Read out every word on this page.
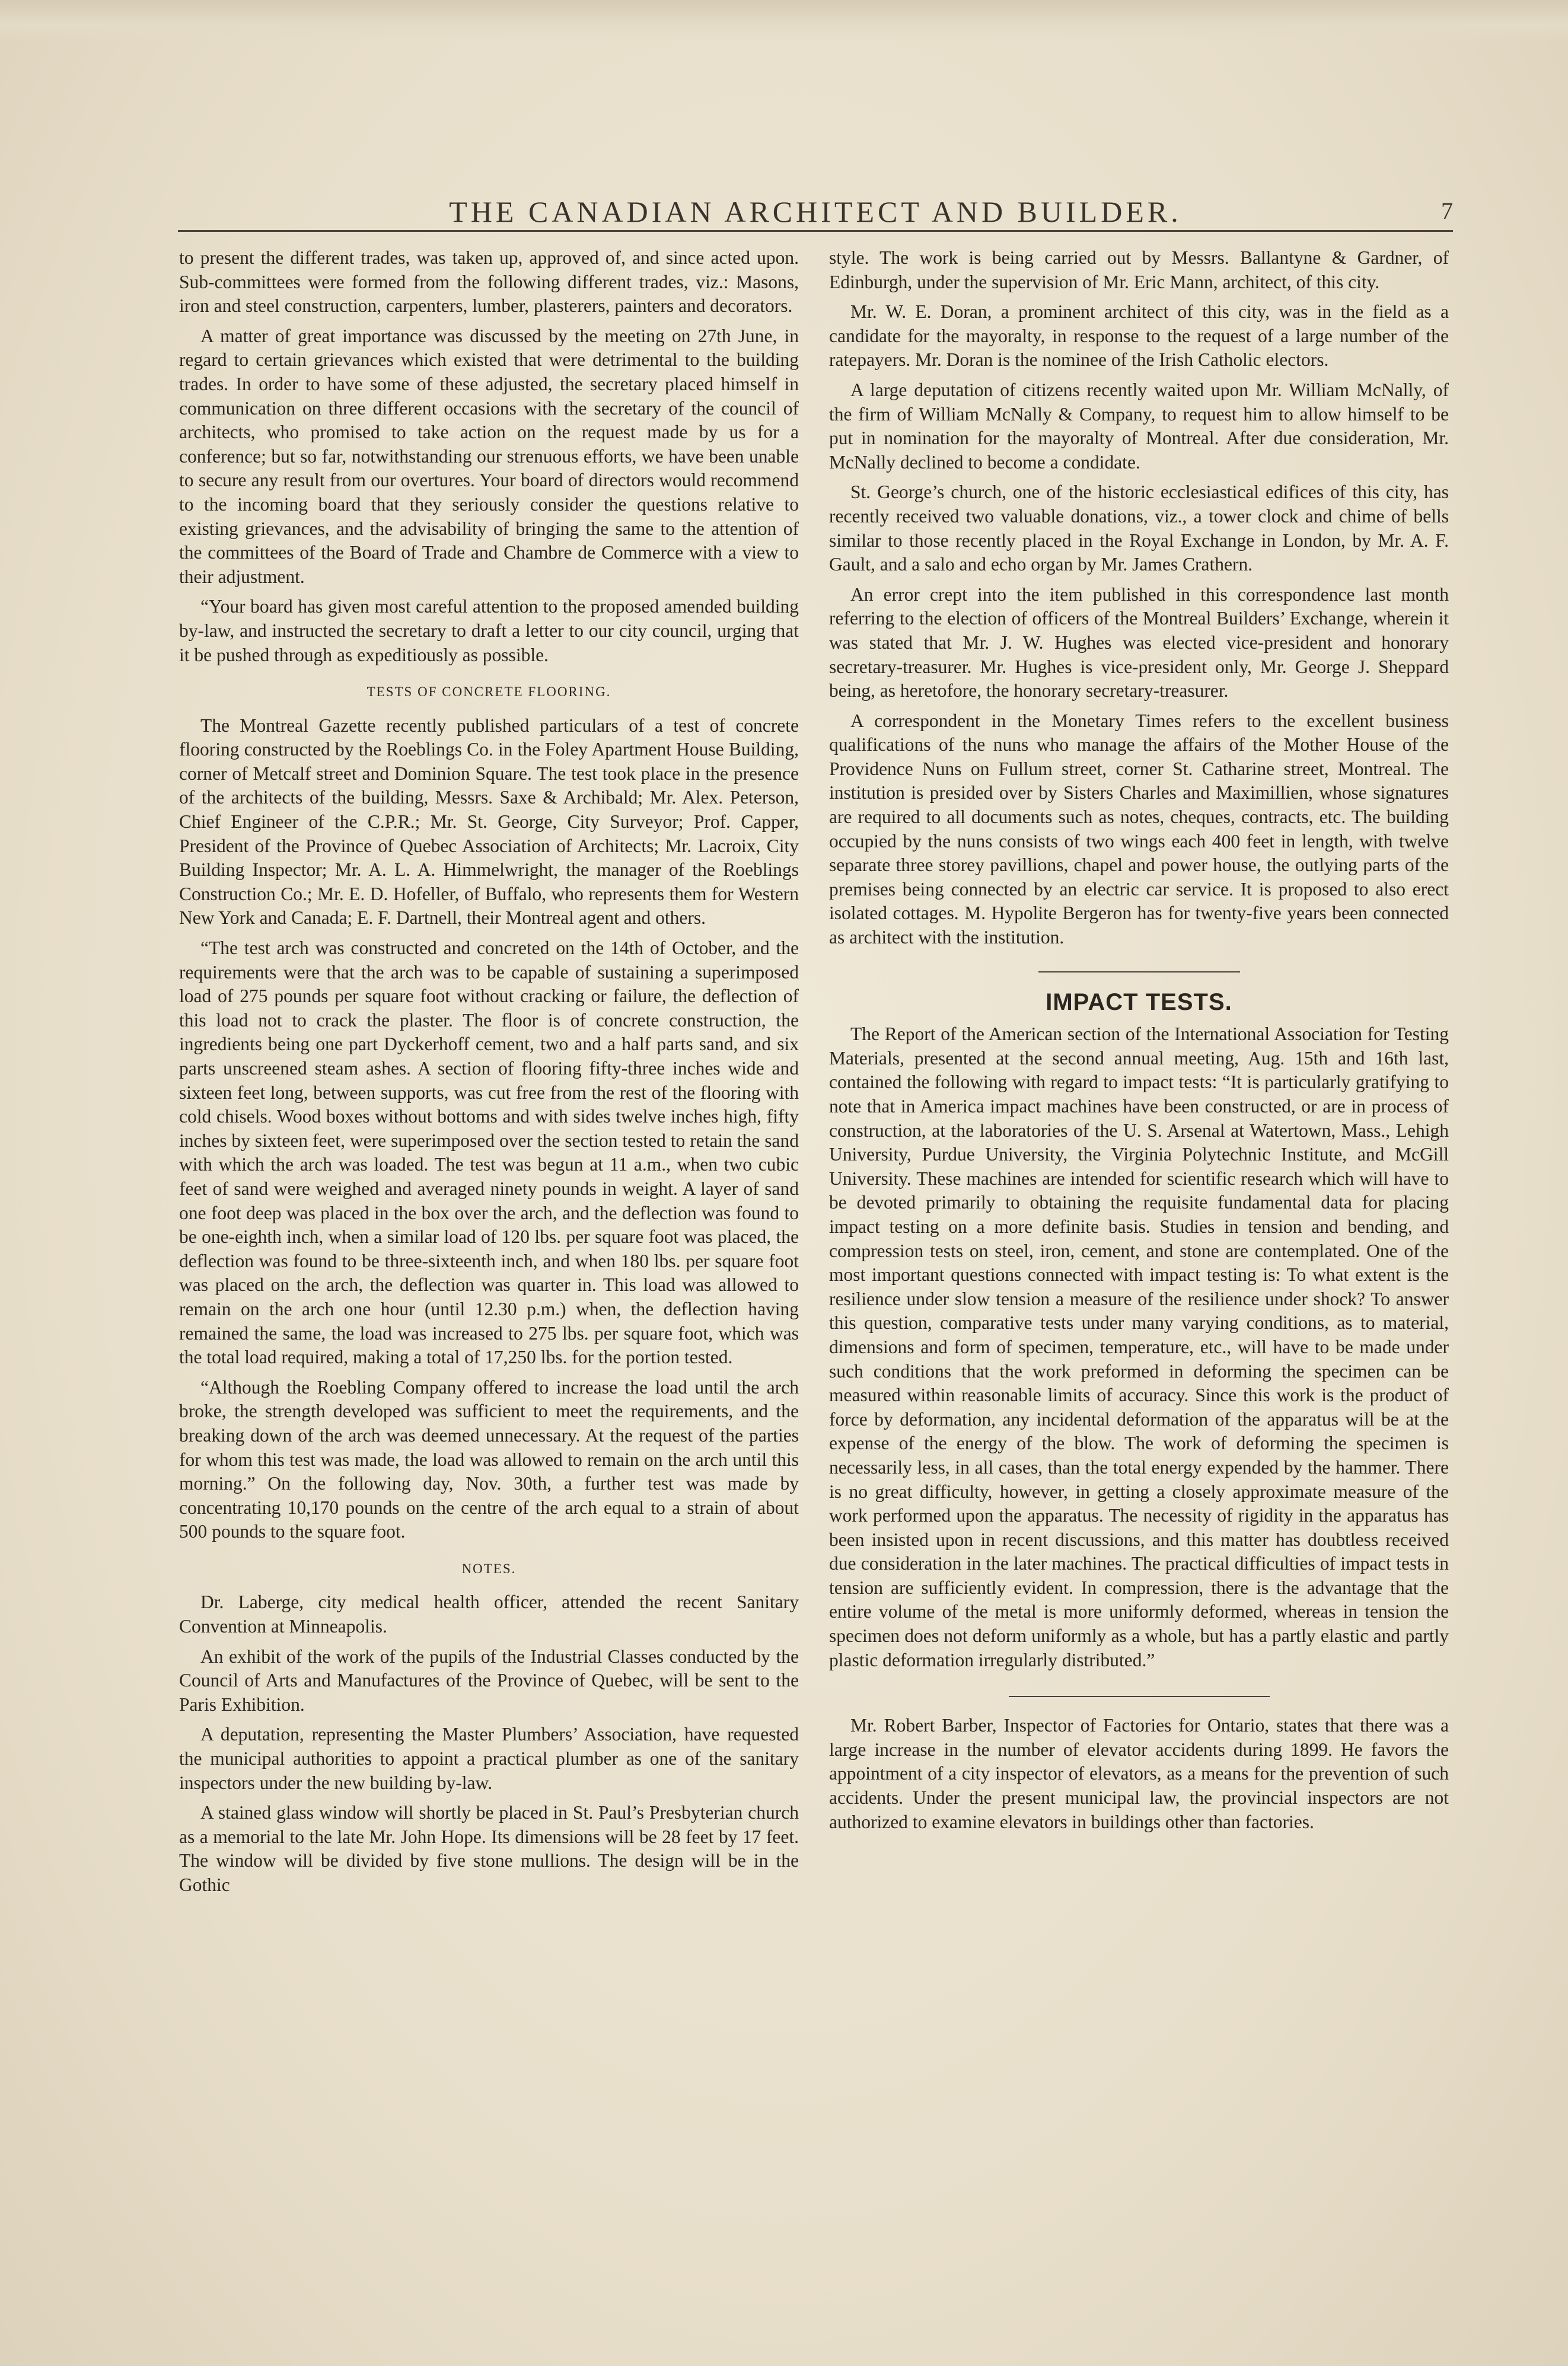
THE CANADIAN ARCHITECT AND BUILDER.	7

to present the different trades, was taken up, approved of, and since acted upon. Sub-committees were formed from the following different trades, viz.: Masons, iron and steel construction, carpenters, lumber, plasterers, painters and decorators.

A matter of great importance was discussed by the meeting on 27th June, in regard to certain grievances which existed that were detrimental to the building trades. In order to have some of these adjusted, the secretary placed himself in communication on three different occasions with the secretary of the council of architects, who promised to take action on the request made by us for a conference; but so far, notwithstanding our strenuous efforts, we have been unable to secure any result from our overtures. Your board of directors would recommend to the incoming board that they seriously consider the questions relative to existing grievances, and the advisability of bringing the same to the attention of the committees of the Board of Trade and Chambre de Commerce with a view to their adjustment.

“Your board has given most careful attention to the proposed amended building by-law, and instructed the secretary to draft a letter to our city council, urging that it be pushed through as expeditiously as possible.

TESTS OF CONCRETE FLOORING.

The Montreal Gazette recently published particulars of a test of concrete flooring constructed by the Roeblings Co. in the Foley Apartment House Building, corner of Metcalf street and Dominion Square. The test took place in the presence of the architects of the building, Messrs. Saxe & Archibald; Mr. Alex. Peterson, Chief Engineer of the C.P.R.; Mr. St. George, City Surveyor; Prof. Capper, President of the Province of Quebec Association of Architects; Mr. Lacroix, City Building Inspector; Mr. A. L. A. Himmelwright, the manager of the Roeblings Construction Co.; Mr. E. D. Hofeller, of Buffalo, who represents them for Western New York and Canada; E. F. Dartnell, their Montreal agent and others.

“The test arch was constructed and concreted on the 14th of October, and the requirements were that the arch was to be capable of sustaining a superimposed load of 275 pounds per square foot without cracking or failure, the deflection of this load not to crack the plaster. The floor is of concrete construction, the ingredients being one part Dyckerhoff cement, two and a half parts sand, and six parts unscreened steam ashes. A section of flooring fifty-three inches wide and sixteen feet long, between supports, was cut free from the rest of the flooring with cold chisels. Wood boxes without bottoms and with sides twelve inches high, fifty inches by sixteen feet, were superimposed over the section tested to retain the sand with which the arch was loaded. The test was begun at 11 a.m., when two cubic feet of sand were weighed and averaged ninety pounds in weight. A layer of sand one foot deep was placed in the box over the arch, and the deflection was found to be one-eighth inch, when a similar load of 120 lbs. per square foot was placed, the deflection was found to be three-sixteenth inch, and when 180 lbs. per square foot was placed on the arch, the deflection was quarter in. This load was allowed to remain on the arch one hour (until 12.30 p.m.) when, the deflection having remained the same, the load was increased to 275 lbs. per square foot, which was the total load required, making a total of 17,250 lbs. for the portion tested.

“Although the Roebling Company offered to increase the load until the arch broke, the strength developed was sufficient to meet the requirements, and the breaking down of the arch was deemed unnecessary. At the request of the parties for whom this test was made, the load was allowed to remain on the arch until this morning.” On the following day, Nov. 30th, a further test was made by concentrating 10,170 pounds on the centre of the arch equal to a strain of about 500 pounds to the square foot.

NOTES.

Dr. Laberge, city medical health officer, attended the recent Sanitary Convention at Minneapolis.

An exhibit of the work of the pupils of the Industrial Classes conducted by the Council of Arts and Manufactures of the Province of Quebec, will be sent to the Paris Exhibition.

A deputation, representing the Master Plumbers’ Association, have requested the municipal authorities to appoint a practical plumber as one of the sanitary inspectors under the new building by-law.

A stained glass window will shortly be placed in St. Paul’s Presbyterian church as a memorial to the late Mr. John Hope. Its dimensions will be 28 feet by 17 feet. The window will be divided by five stone mullions. The design will be in the Gothic

style. The work is being carried out by Messrs. Ballantyne & Gardner, of Edinburgh, under the supervision of Mr. Eric Mann, architect, of this city.

Mr. W. E. Doran, a prominent architect of this city, was in the field as a candidate for the mayoralty, in response to the request of a large number of the ratepayers. Mr. Doran is the nominee of the Irish Catholic electors.

A large deputation of citizens recently waited upon Mr. William McNally, of the firm of William McNally & Company, to request him to allow himself to be put in nomination for the mayoralty of Montreal. After due consideration, Mr. McNally declined to become a condidate.

St. George’s church, one of the historic ecclesiastical edifices of this city, has recently received two valuable donations, viz., a tower clock and chime of bells similar to those recently placed in the Royal Exchange in London, by Mr. A. F. Gault, and a salo and echo organ by Mr. James Crathern.

An error crept into the item published in this correspondence last month referring to the election of officers of the Montreal Builders’ Exchange, wherein it was stated that Mr. J. W. Hughes was elected vice-president and honorary secretary-treasurer. Mr. Hughes is vice-president only, Mr. George J. Sheppard being, as heretofore, the honorary secretary-treasurer.

A correspondent in the Monetary Times refers to the excellent business qualifications of the nuns who manage the affairs of the Mother House of the Providence Nuns on Fullum street, corner St. Catharine street, Montreal. The institution is presided over by Sisters Charles and Maximillien, whose signatures are required to all documents such as notes, cheques, contracts, etc. The building occupied by the nuns consists of two wings each 400 feet in length, with twelve separate three storey pavillions, chapel and power house, the outlying parts of the premises being connected by an electric car service. It is proposed to also erect isolated cottages. M. Hypolite Bergeron has for twenty-five years been connected as architect with the institution.

IMPACT TESTS.

The Report of the American section of the International Association for Testing Materials, presented at the second annual meeting, Aug. 15th and 16th last, contained the following with regard to impact tests: “It is particularly gratifying to note that in America impact machines have been constructed, or are in process of construction, at the laboratories of the U. S. Arsenal at Watertown, Mass., Lehigh University, Purdue University, the Virginia Polytechnic Institute, and McGill University. These machines are intended for scientific research which will have to be devoted primarily to obtaining the requisite fundamental data for placing impact testing on a more definite basis. Studies in tension and bending, and compression tests on steel, iron, cement, and stone are contemplated. One of the most important questions connected with impact testing is: To what extent is the resilience under slow tension a measure of the resilience under shock? To answer this question, comparative tests under many varying conditions, as to material, dimensions and form of specimen, temperature, etc., will have to be made under such conditions that the work preformed in deforming the specimen can be measured within reasonable limits of accuracy. Since this work is the product of force by deformation, any incidental deformation of the apparatus will be at the expense of the energy of the blow. The work of deforming the specimen is necessarily less, in all cases, than the total energy expended by the hammer. There is no great difficulty, however, in getting a closely approximate measure of the work performed upon the apparatus. The necessity of rigidity in the apparatus has been insisted upon in recent discussions, and this matter has doubtless received due consideration in the later machines. The practical difficulties of impact tests in tension are sufficiently evident. In compression, there is the advantage that the entire volume of the metal is more uniformly deformed, whereas in tension the specimen does not deform uniformly as a whole, but has a partly elastic and partly plastic deformation irregularly distributed.”

Mr. Robert Barber, Inspector of Factories for Ontario, states that there was a large increase in the number of elevator accidents during 1899. He favors the appointment of a city inspector of elevators, as a means for the prevention of such accidents. Under the present municipal law, the provincial inspectors are not authorized to examine elevators in buildings other than factories.
